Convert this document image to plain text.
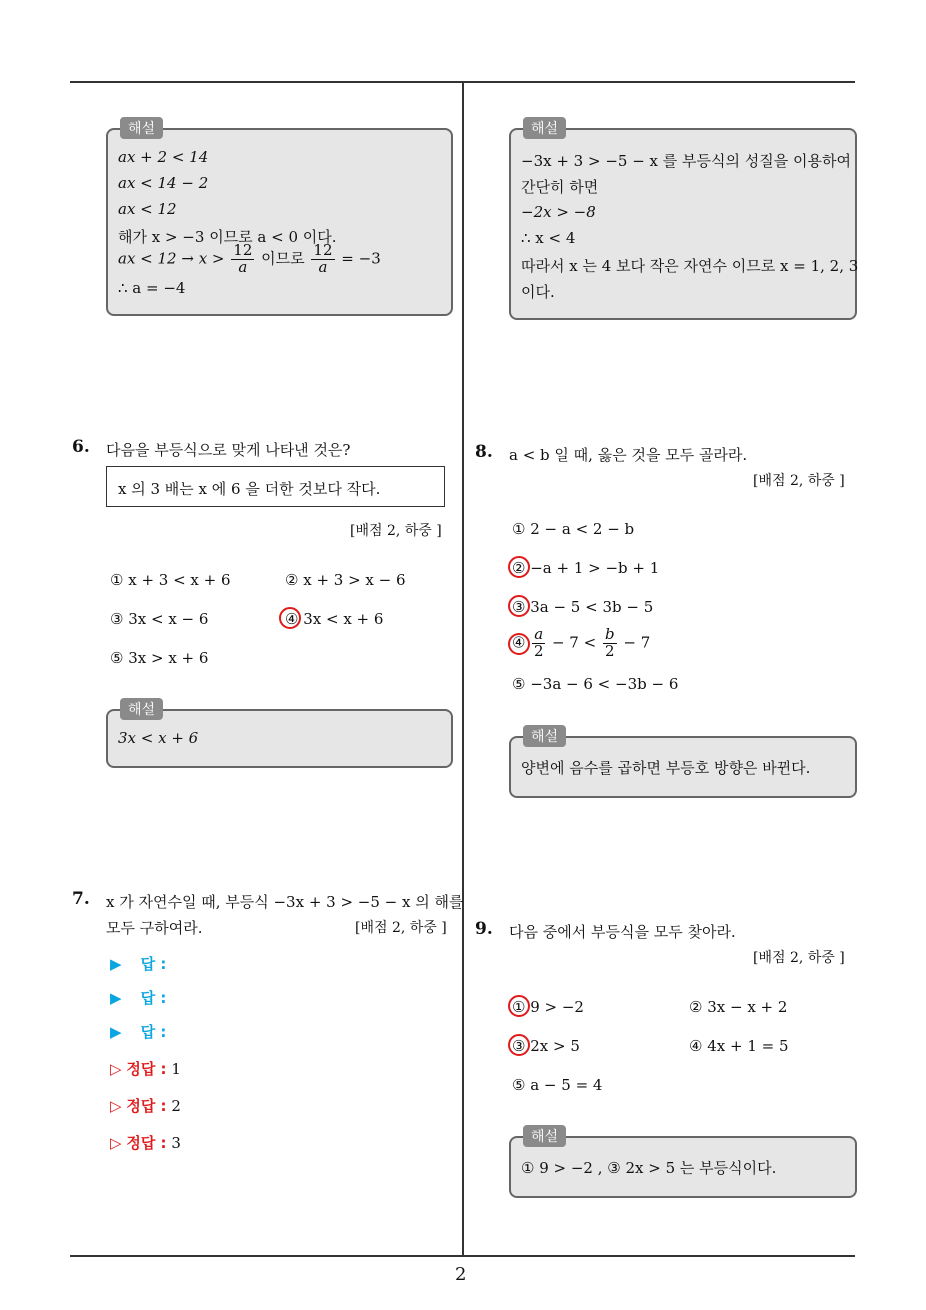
2
해설
ax + 2 < 14
ax < 14 − 2
ax < 12
해가 x > −3 이므로 a < 0 이다.
ax < $12 \to x > \frac{12}{a}$ 이므로 $\frac{12}{a} = -3$
∴ a = −4
해설
−3x + 3 > −5 − x 를 부등식의 성질을 이용하여
간단히 하면
−2x > −8
∴ x < 4
따라서 x 는 4 보다 작은 자연수 이므로 x = 1, 2, 3
이다.
6. 다음을 부등식으로 맞게 나타낸 것은?
x 의 3 배는 x 에 6 을 더한 것보다 작다.
[배점 2, 하중 ]
① x + 3 < x + 6	② x + 3 > x − 6
③ 3x < x − 6	④ 3x < x + 6
⑤ 3x > x + 6
해설
3x < x + 6
7. x 가 자연수일 때, 부등식 −3x + 3 > −5 − x 의 해를
모두 구하여라.	[배점 2, 하중 ]
▶ 답 :
▶ 답 :
▶ 답 :
▷ 정답 : 1
▷ 정답 : 2
▷ 정답 : 3
8. a < b 일 때, 옳은 것을 모두 골라라.
[배점 2, 하중 ]
① 2 − a < 2 − b
② −a + 1 > −b + 1
③ 3a − 5 < 3b − 5
④ $\frac{a}{2} - 7 < \frac{b}{2} - 7$
⑤ −3a − 6 < −3b − 6
해설
양변에 음수를 곱하면 부등호 방향은 바뀐다.
9. 다음 중에서 부등식을 모두 찾아라.
[배점 2, 하중 ]
① 9 > −2	② 3x − x + 2
③ 2x > 5	④ 4x + 1 = 5
⑤ a − 5 = 4
해설
① 9 > −2 , ③ 2x > 5 는 부등식이다.
